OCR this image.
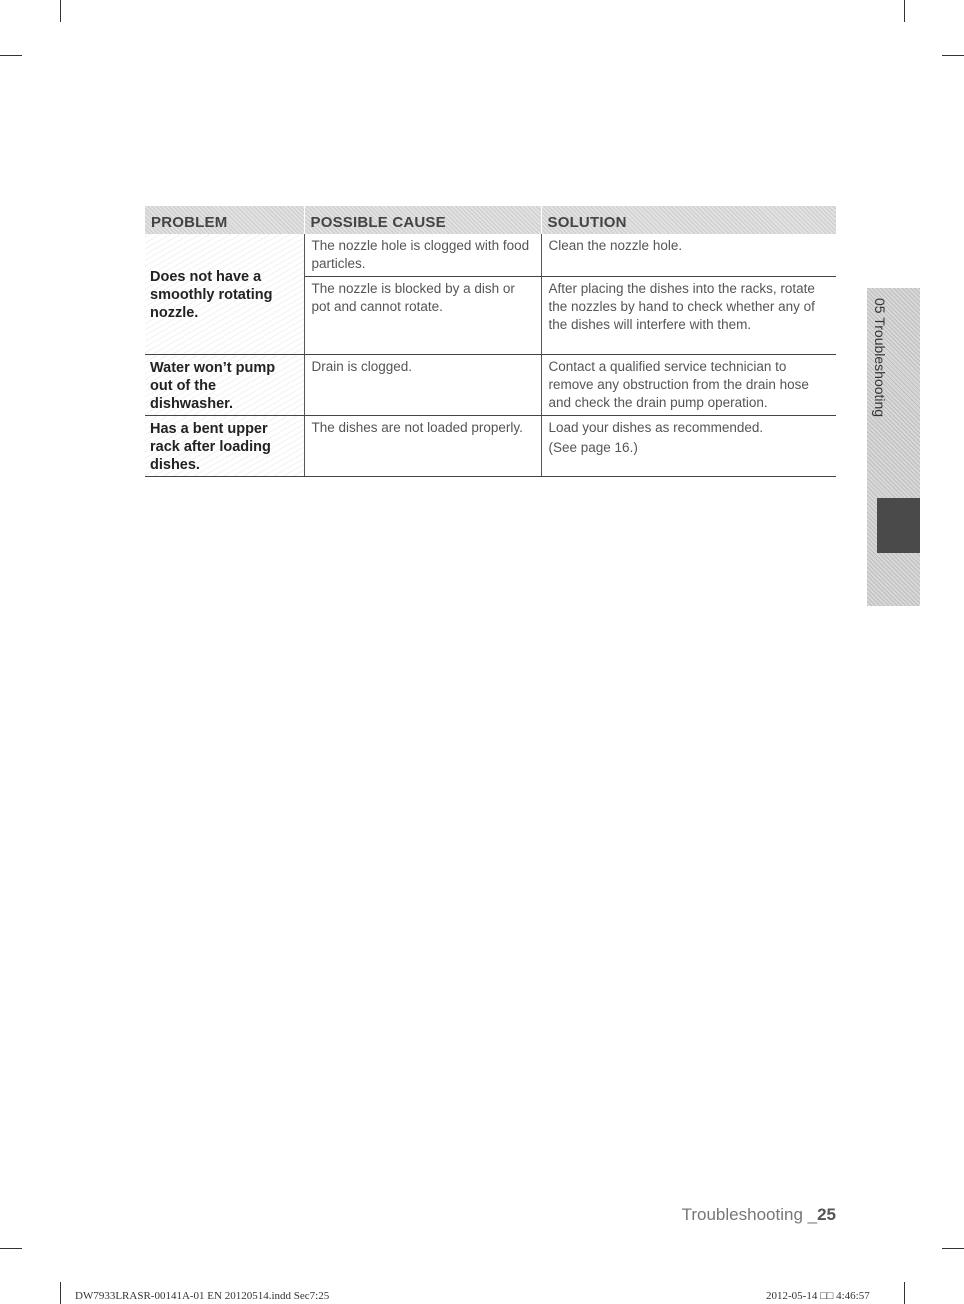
PROBLEM	POSSIBLE CAUSE	SOLUTION
Does not have a smoothly rotating nozzle.	The nozzle hole is clogged with food particles.	Clean the nozzle hole.
	The nozzle is blocked by a dish or pot and cannot rotate.	After placing the dishes into the racks, rotate the nozzles by hand to check whether any of the dishes will interfere with them.
Water won’t pump out of the dishwasher.	Drain is clogged.	Contact a qualified service technician to remove any obstruction from the drain hose and check the drain pump operation.
Has a bent upper rack after loading dishes.	The dishes are not loaded properly.	Load your dishes as recommended.
(See page 16.)
05 Troubleshooting
Troubleshooting _25
DW7933LRASR-00141A-01 EN 20120514.indd Sec7:25	2012-05-14 □□ 4:46:57
